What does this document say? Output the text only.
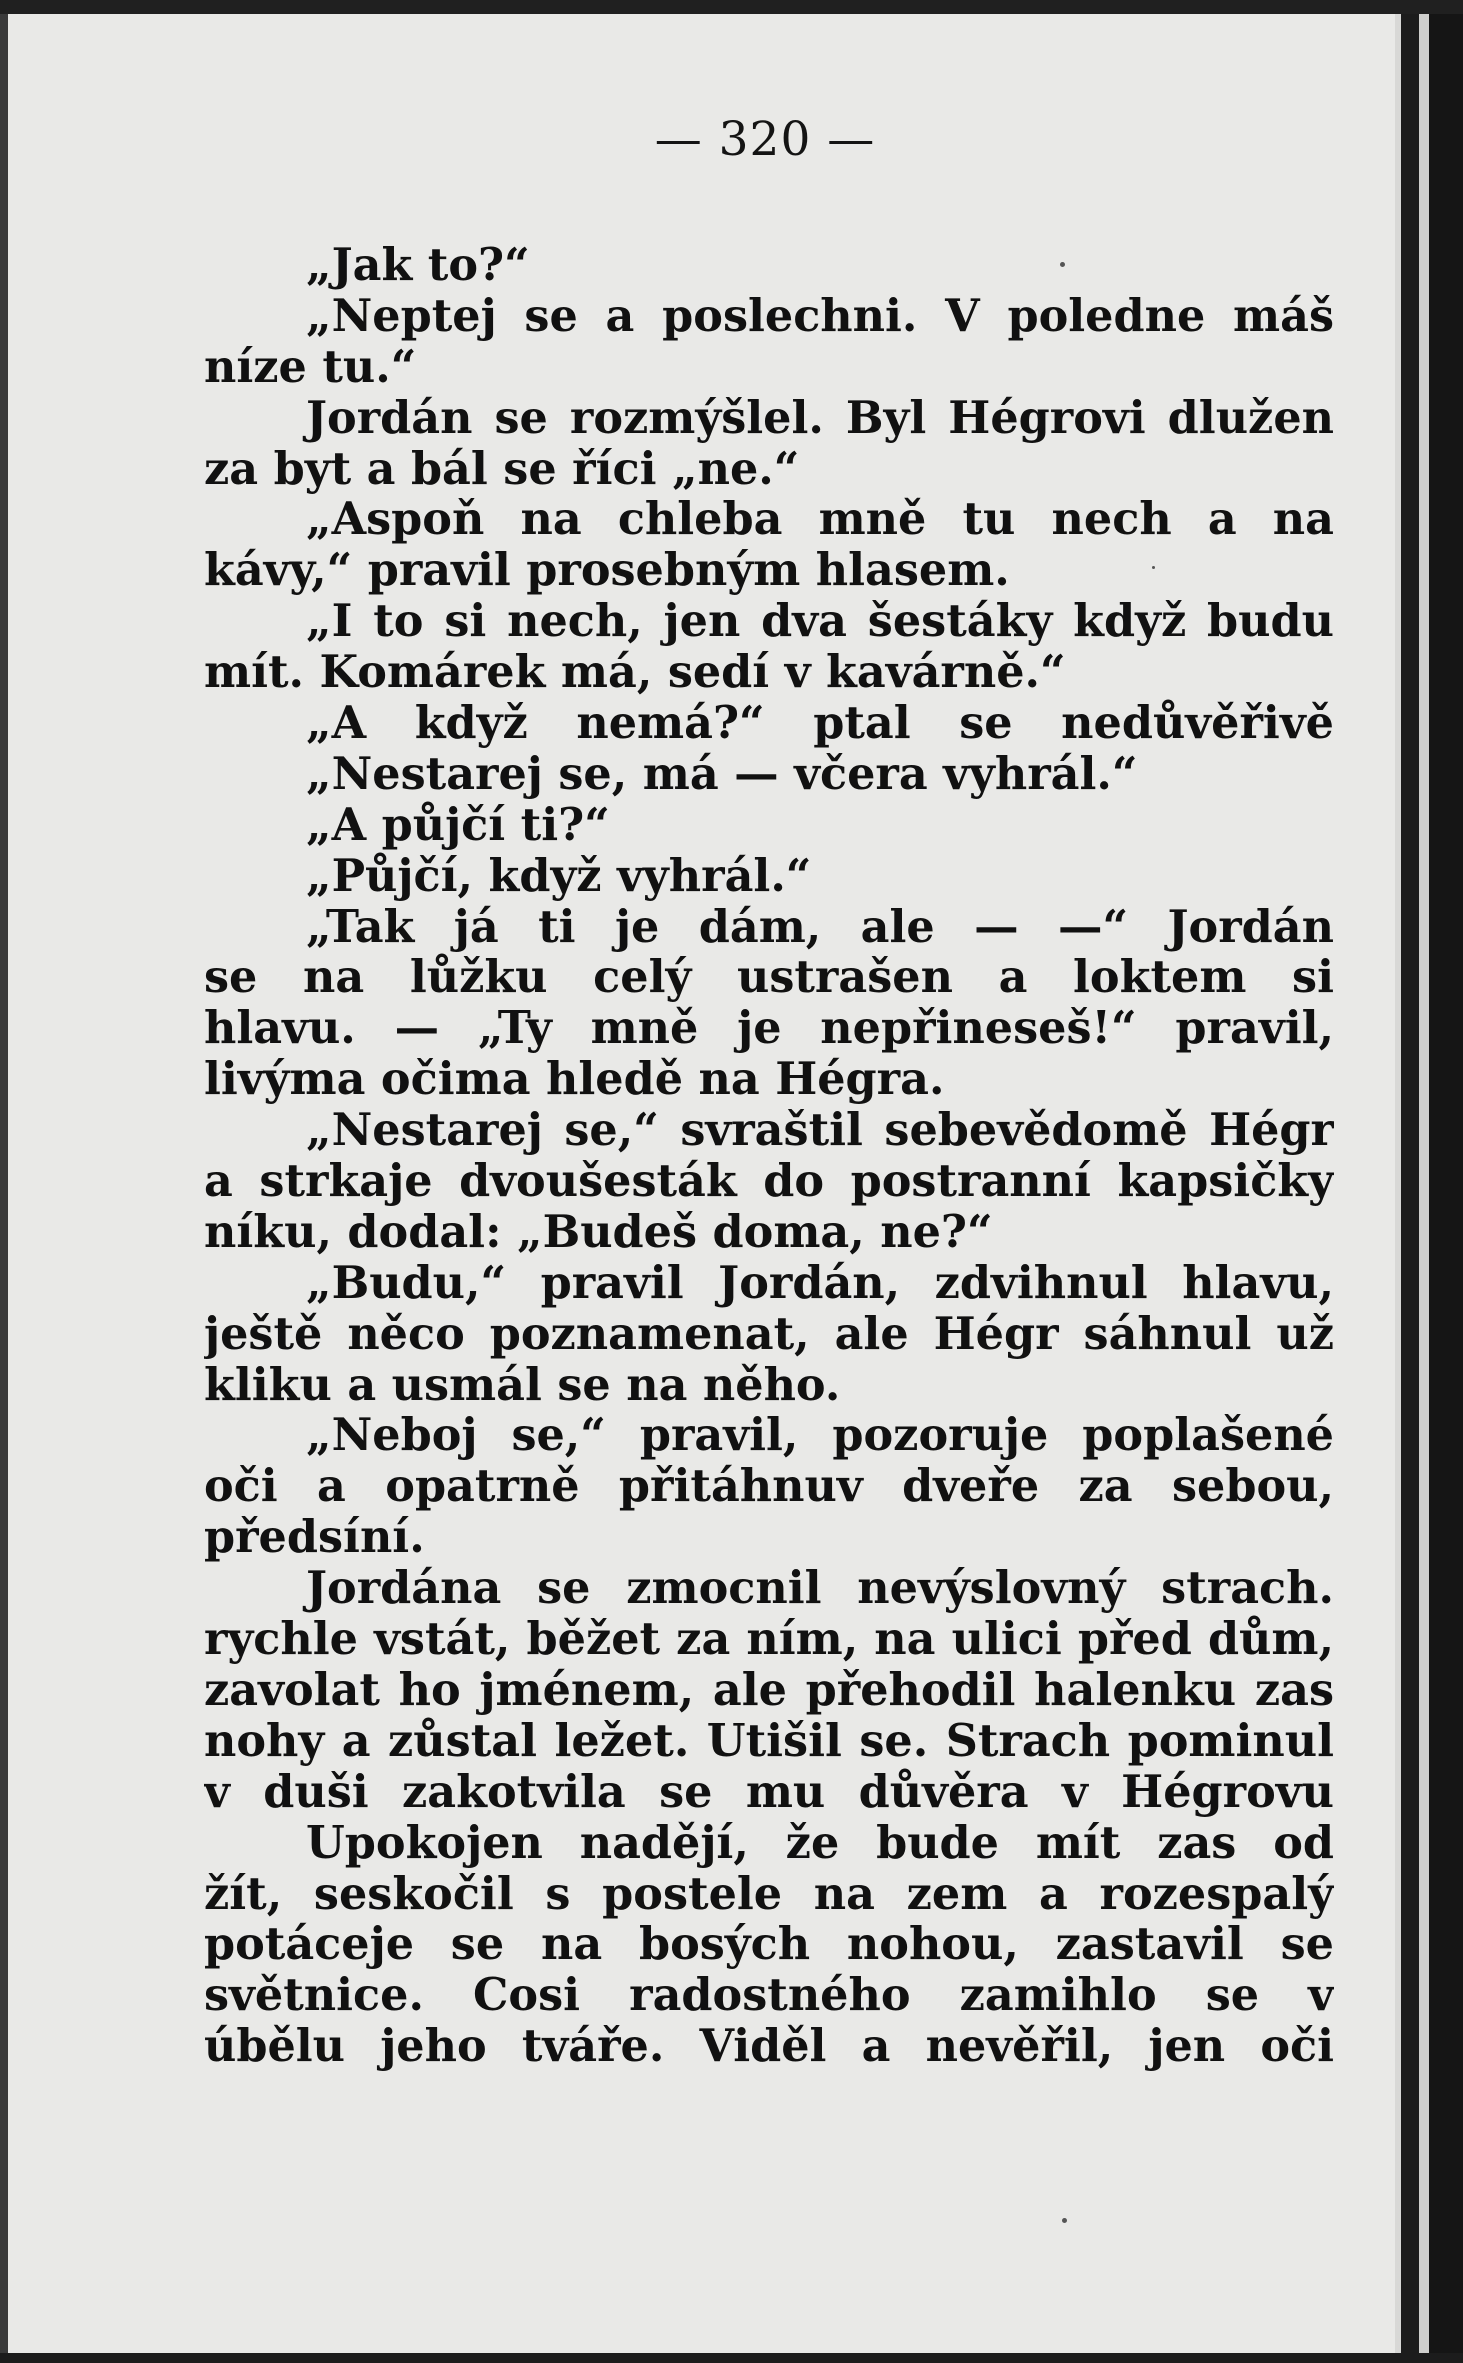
— 320 —
„Jak to?“
„Neptej se a poslechni. V poledne máš
níze tu.“
Jordán se rozmýšlel. Byl Hégrovi dlužen
za byt a bál se říci „ne.“
„Aspoň na chleba mně tu nech a na
kávy,“ pravil prosebným hlasem.
„I to si nech, jen dva šestáky když budu
mít. Komárek má, sedí v kavárně.“
„A když nemá?“ ptal se nedůvěřivě
„Nestarej se, má — včera vyhrál.“
„A půjčí ti?“
„Půjčí, když vyhrál.“
„Tak já ti je dám, ale — —“ Jordán
se na lůžku celý ustrašen a loktem si
hlavu. — „Ty mně je nepřineseš!“ pravil,
livýma očima hledě na Hégra.
„Nestarej se,“ svraštil sebevědomě Hégr
a strkaje dvoušesták do postranní kapsičky
níku, dodal: „Budeš doma, ne?“
„Budu,“ pravil Jordán, zdvihnul hlavu,
ještě něco poznamenat, ale Hégr sáhnul už
kliku a usmál se na něho.
„Neboj se,“ pravil, pozoruje poplašené
oči a opatrně přitáhnuv dveře za sebou,
předsíní.
Jordána se zmocnil nevýslovný strach.
rychle vstát, běžet za ním, na ulici před dům,
zavolat ho jménem, ale přehodil halenku zas
nohy a zůstal ležet. Utišil se. Strach pominul
v duši zakotvila se mu důvěra v Hégrovu
Upokojen nadějí, že bude mít zas od
žít, seskočil s postele na zem a rozespalý
potáceje se na bosých nohou, zastavil se
světnice. Cosi radostného zamihlo se v
úbělu jeho tváře. Viděl a nevěřil, jen oči
